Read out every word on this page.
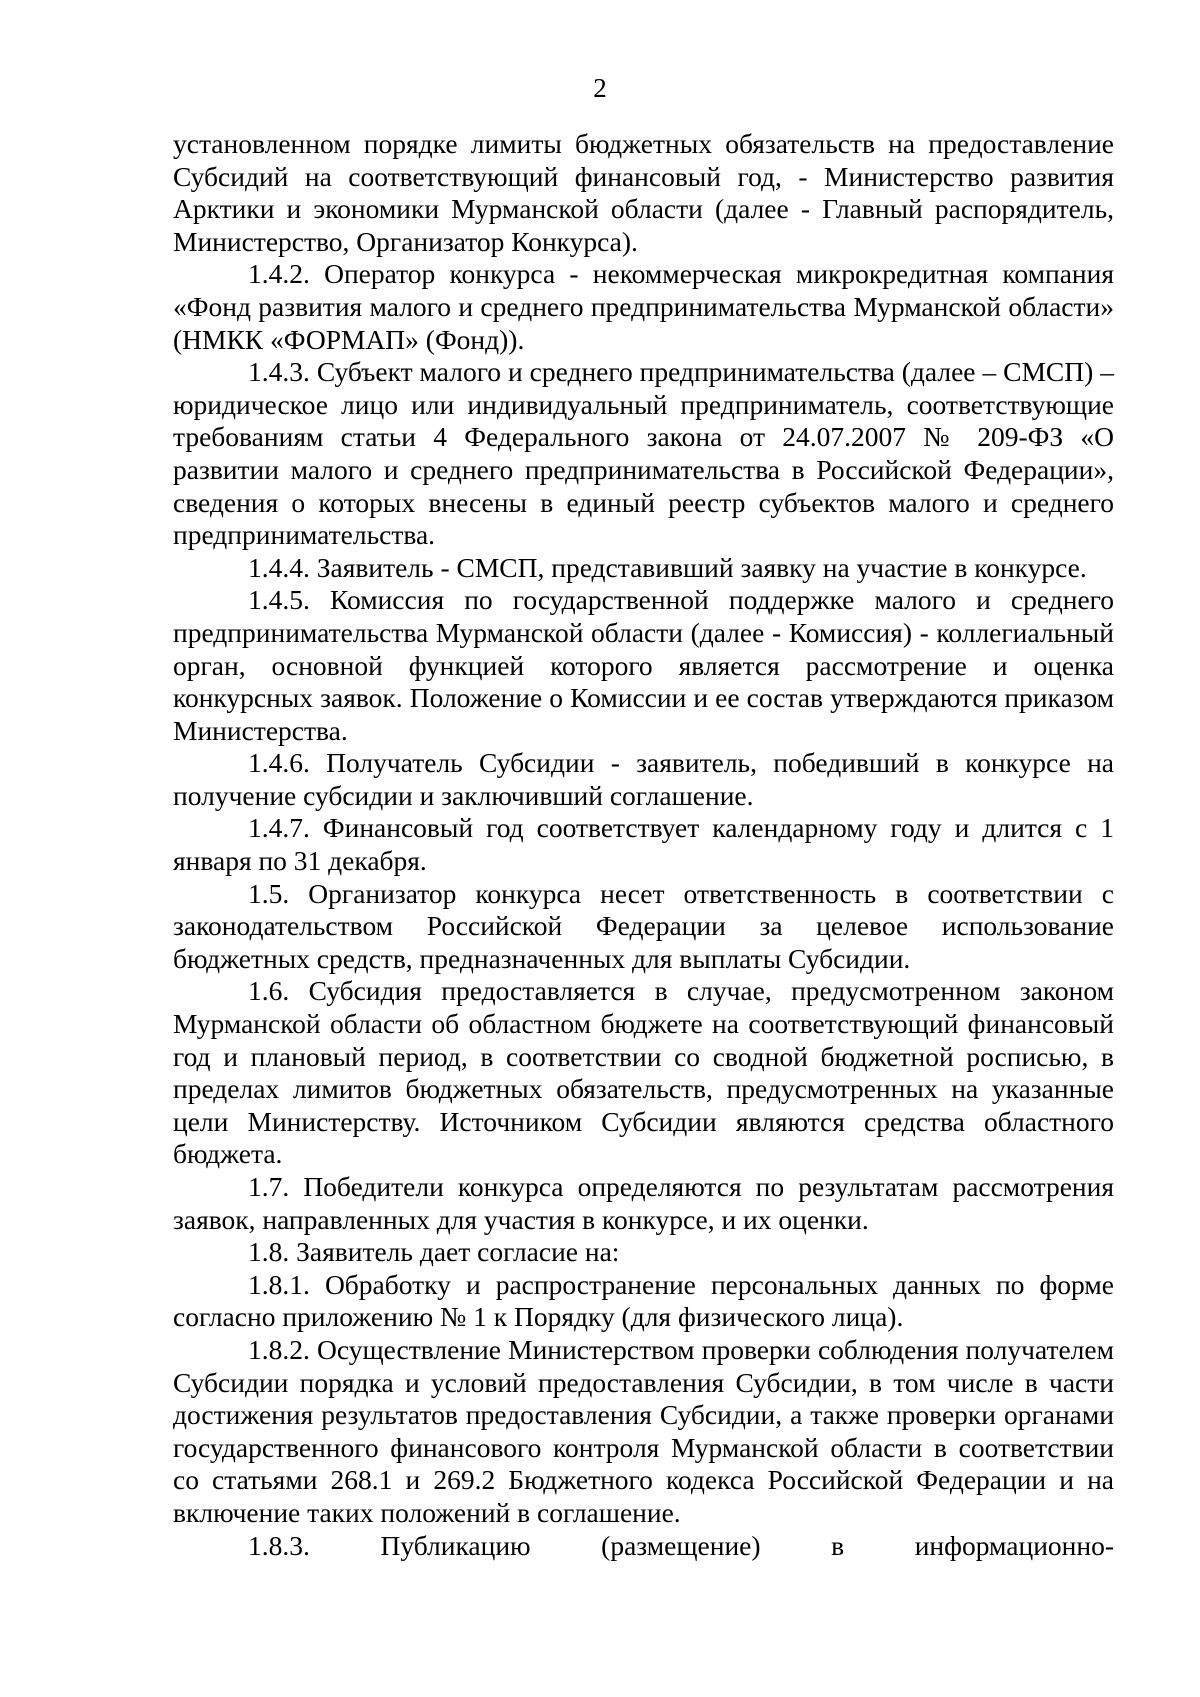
2

установленном порядке лимиты бюджетных обязательств на предоставление Субсидий на соответствующий финансовый год, - Министерство развития Арктики и экономики Мурманской области (далее - Главный распорядитель, Министерство, Организатор Конкурса).

1.4.2. Оператор конкурса - некоммерческая микрокредитная компания «Фонд развития малого и среднего предпринимательства Мурманской области» (НМКК «ФОРМАП» (Фонд)).

1.4.3. Субъект малого и среднего предпринимательства (далее – СМСП) – юридическое лицо или индивидуальный предприниматель, соответствующие требованиям статьи 4 Федерального закона от 24.07.2007 № 209-ФЗ «О развитии малого и среднего предпринимательства в Российской Федерации», сведения о которых внесены в единый реестр субъектов малого и среднего предпринимательства.

1.4.4. Заявитель - СМСП, представивший заявку на участие в конкурсе.

1.4.5. Комиссия по государственной поддержке малого и среднего предпринимательства Мурманской области (далее - Комиссия) - коллегиальный орган, основной функцией которого является рассмотрение и оценка конкурсных заявок. Положение о Комиссии и ее состав утверждаются приказом Министерства.

1.4.6. Получатель Субсидии - заявитель, победивший в конкурсе на получение субсидии и заключивший соглашение.

1.4.7. Финансовый год соответствует календарному году и длится с 1 января по 31 декабря.

1.5. Организатор конкурса несет ответственность в соответствии с законодательством Российской Федерации за целевое использование бюджетных средств, предназначенных для выплаты Субсидии.

1.6. Субсидия предоставляется в случае, предусмотренном законом Мурманской области об областном бюджете на соответствующий финансовый год и плановый период, в соответствии со сводной бюджетной росписью, в пределах лимитов бюджетных обязательств, предусмотренных на указанные цели Министерству. Источником Субсидии являются средства областного бюджета.

1.7. Победители конкурса определяются по результатам рассмотрения заявок, направленных для участия в конкурсе, и их оценки.

1.8. Заявитель дает согласие на:

1.8.1. Обработку и распространение персональных данных по форме согласно приложению № 1 к Порядку (для физического лица).

1.8.2. Осуществление Министерством проверки соблюдения получателем Субсидии порядка и условий предоставления Субсидии, в том числе в части достижения результатов предоставления Субсидии, а также проверки органами государственного финансового контроля Мурманской области в соответствии со статьями 268.1 и 269.2 Бюджетного кодекса Российской Федерации и на включение таких положений в соглашение.

1.8.3. Публикацию (размещение) в информационно-
